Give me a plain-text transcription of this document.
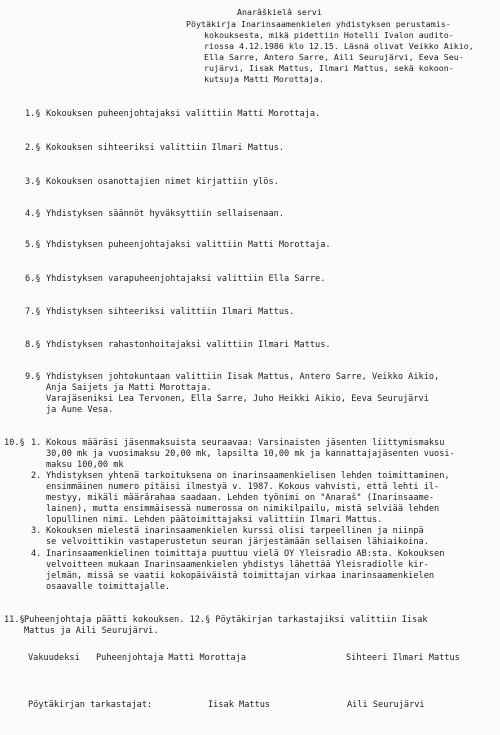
Anarâškielâ servi
Pöytäkirja Inarinsaamenkielen yhdistyksen perustamis-
kokouksesta, mikä pidettiin Hotelli Ivalon audito-
riossa 4.12.1986 klo 12.15. Läsnä olivat Veikko Aikio,
Ella Sarre, Antero Sarre, Aili Seurujärvi, Eeva Seu-
rujärvi, Iisak Mattus, Ilmari Mattus, sekä kokoon-
kutsuja Matti Morottaja.
1.§ Kokouksen puheenjohtajaksi valittiin Matti Morottaja.
2.§ Kokouksen sihteeriksi valittiin Ilmari Mattus.
3.§ Kokouksen osanottajien nimet kirjattiin ylös.
4.§ Yhdistyksen säännöt hyväksyttiin sellaisenaan.
5.§ Yhdistyksen puheenjohtajaksi valittiin Matti Morottaja.
6.§ Yhdistyksen varapuheenjohtajaksi valittiin Ella Sarre.
7.§ Yhdistyksen sihteeriksi valittiin Ilmari Mattus.
8.§ Yhdistyksen rahastonhoitajaksi valittiin Ilmari Mattus.
9.§ Yhdistyksen johtokuntaan valittiin Iisak Mattus, Antero Sarre, Veikko Aikio,
Anja Saijets ja Matti Morottaja.
Varajäseniksi Lea Tervonen, Ella Sarre, Juho Heikki Aikio, Eeva Seurujärvi
ja Aune Vesa.
10.§ 1. Kokous määräsi jäsenmaksuista seuraavaa: Varsinaisten jäsenten liittymismaksu
30,00 mk ja vuosimaksu 20,00 mk, lapsilta 10,00 mk ja kannattajajäsenten vuosi-
maksu 100,00 mk
2. Yhdistyksen yhtenä tarkoituksena on inarinsaamenkielisen lehden toimittaminen,
ensimmäinen numero pitäisi ilmestyä v. 1987. Kokous vahvisti, että lehti il-
mestyy, mikäli määrärahaa saadaan. Lehden työnimi on "Anaraš" (Inarinsaame-
lainen), mutta ensimmäisessä numerossa on nimikilpailu, mistä selviää lehden
lopullinen nimi. Lehden päätoimittajaksi valittiin Ilmari Mattus.
3. Kokouksen mielestä inarinsaamenkielen kurssi olisi tarpeellinen ja niinpä
se velvoittikin vastaperustetun seuran järjestämään sellaisen lähiaikoina.
4. Inarinsaamenkielinen toimittaja puuttuu vielä OY Yleisradio AB:sta. Kokouksen
velvoitteen mukaan Inarinsaamenkielen yhdistys lähettää Yleisradiolle kir-
jelmän, missä se vaatii kokopäiväistä toimittajan virkaa inarinsaamenkielen
osaavalle toimittajalle.
11.§ Puheenjohtaja päätti kokouksen. 12.§ Pöytäkirjan tarkastajiksi valittiin Iisak
Mattus ja Aili Seurujärvi.
Vakuudeksi Puheenjohtaja Matti Morottaja	Sihteeri Ilmari Mattus
Pöytäkirjan tarkastajat:	Iisak Mattus	Aili Seurujärvi
